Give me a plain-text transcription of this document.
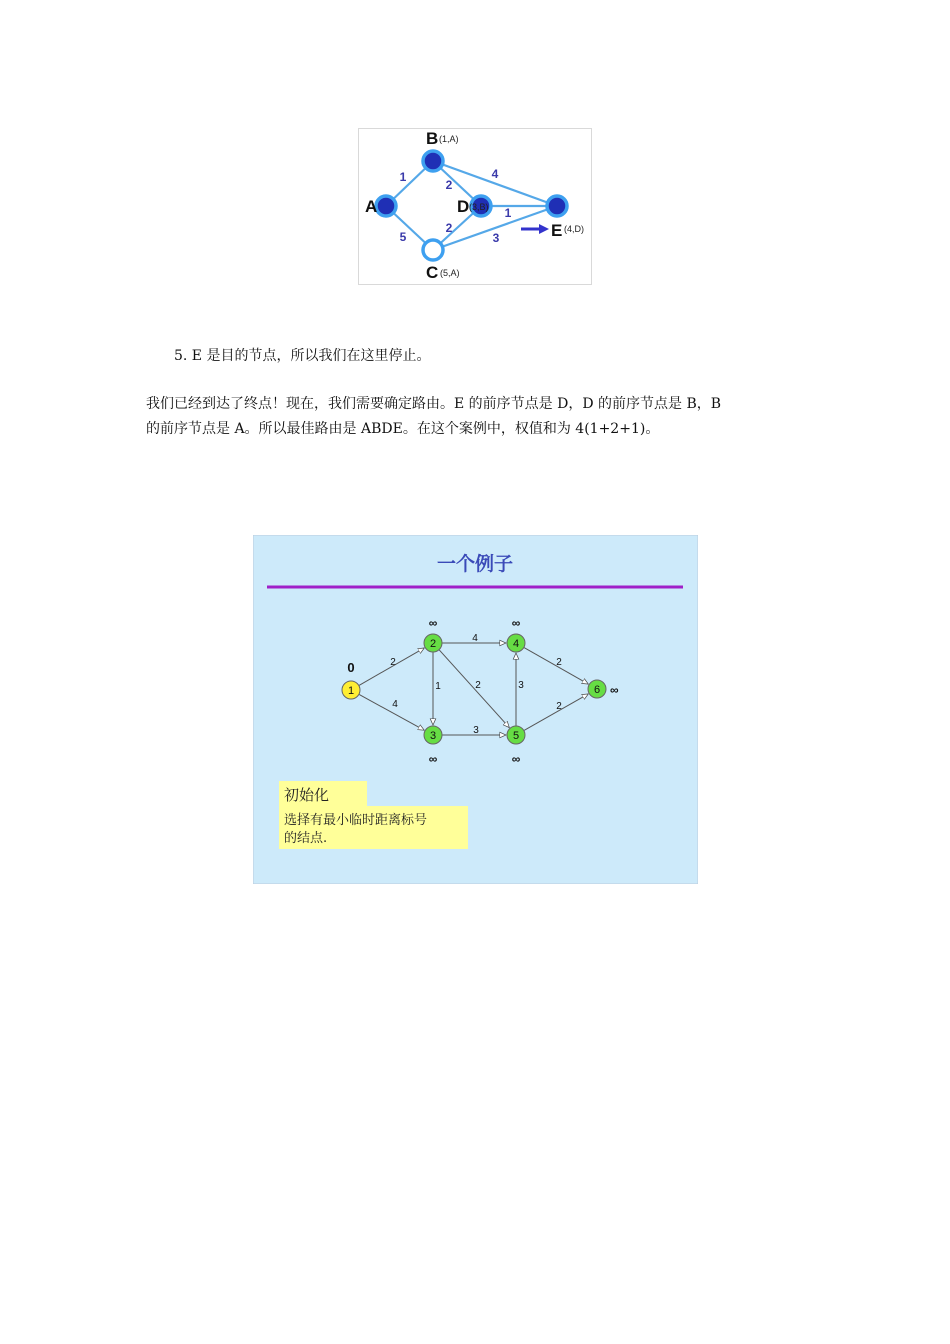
1
5
2
4
1
2
3
A
B (1,A)
D (3,B)
C (5,A)
E (4,D)

5. E 是目的节点，所以我们在这里停止。

我们已经到达了终点！现在，我们需要确定路由。E 的前序节点是 D，D 的前序节点是 B，B

的前序节点是 A。所以最佳路由是 ABDE。在这个案例中，权值和为 4(1+2+1)。

一个例子
2
4
4
1	2
3
3
2
2
1
0
2
∞
3
∞
4
∞
5
∞
6 ∞
初始化
选择有最小临时距离标号
的结点.
